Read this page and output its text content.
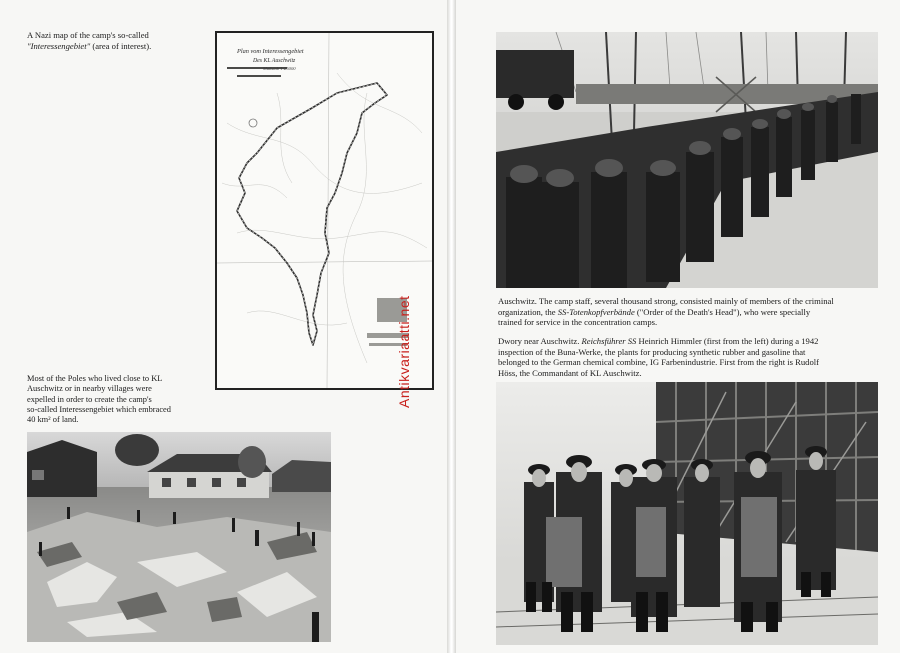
A Nazi map of the camp's so-called
"Interessengebiet" (area of interest).
Plan vom Interessengebiet
Des KL Auschwitz
Maßstab 1:25000
Antikvariaatti.net
Most of the Poles who lived close to KL
Auschwitz or in nearby villages were
expelled in order to create the camp's
so-called Interessengebiet which embraced
40 km² of land.
Auschwitz. The camp staff, several thousand strong, consisted mainly of members of the criminal
organization, the SS-Totenkopfverbände ("Order of the Death's Head"), who were specially
trained for service in the concentration camps.
Dwory near Auschwitz. Reichsführer SS Heinrich Himmler (first from the left) during a 1942
inspection of the Buna-Werke, the plants for producing synthetic rubber and gasoline that
belonged to the German chemical combine, IG Farbenindustrie. First from the right is Rudolf
Höss, the Commandant of KL Auschwitz.
